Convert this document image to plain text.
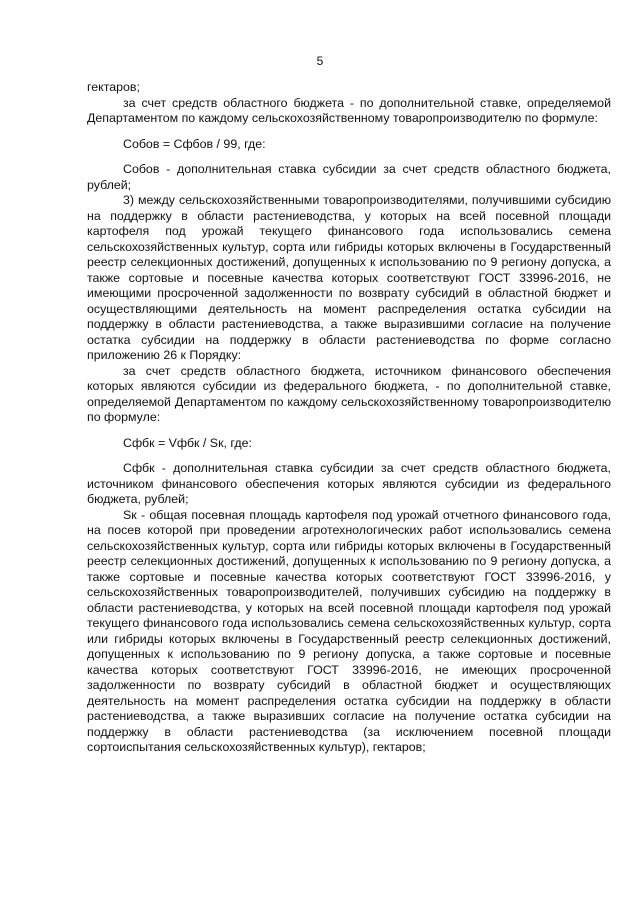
5

гектаров;

за счет средств областного бюджета - по дополнительной ставке, определяемой Департаментом по каждому сельскохозяйственному товаропроизводителю по формуле:

Cобов = Cфбов / 99, где:

Cобов - дополнительная ставка субсидии за счет средств областного бюджета, рублей;

3) между сельскохозяйственными товаропроизводителями, получившими субсидию на поддержку в области растениеводства, у которых на всей посевной площади картофеля под урожай текущего финансового года использовались семена сельскохозяйственных культур, сорта или гибриды которых включены в Государственный реестр селекционных достижений, допущенных к использованию по 9 региону допуска, а также сортовые и посевные качества которых соответствуют ГОСТ 33996-2016, не имеющими просроченной задолженности по возврату субсидий в областной бюджет и осуществляющими деятельность на момент распределения остатка субсидии на поддержку в области растениеводства, а также выразившими согласие на получение остатка субсидии на поддержку в области растениеводства по форме согласно приложению 26 к Порядку:

за счет средств областного бюджета, источником финансового обеспечения которых являются субсидии из федерального бюджета, - по дополнительной ставке, определяемой Департаментом по каждому сельскохозяйственному товаропроизводителю по формуле:

Cфбк = Vфбк / Sк, где:

Cфбк - дополнительная ставка субсидии за счет средств областного бюджета, источником финансового обеспечения которых являются субсидии из федерального бюджета, рублей;

Sк - общая посевная площадь картофеля под урожай отчетного финансового года, на посев которой при проведении агротехнологических работ использовались семена сельскохозяйственных культур, сорта или гибриды которых включены в Государственный реестр селекционных достижений, допущенных к использованию по 9 региону допуска, а также сортовые и посевные качества которых соответствуют ГОСТ 33996-2016, у сельскохозяйственных товаропроизводителей, получивших субсидию на поддержку в области растениеводства, у которых на всей посевной площади картофеля под урожай текущего финансового года использовались семена сельскохозяйственных культур, сорта или гибриды которых включены в Государственный реестр селекционных достижений, допущенных к использованию по 9 региону допуска, а также сортовые и посевные качества которых соответствуют ГОСТ 33996-2016, не имеющих просроченной задолженности по возврату субсидий в областной бюджет и осуществляющих деятельность на момент распределения остатка субсидии на поддержку в области растениеводства, а также выразивших согласие на получение остатка субсидии на поддержку в области растениеводства (за исключением посевной площади сортоиспытания сельскохозяйственных культур), гектаров;
